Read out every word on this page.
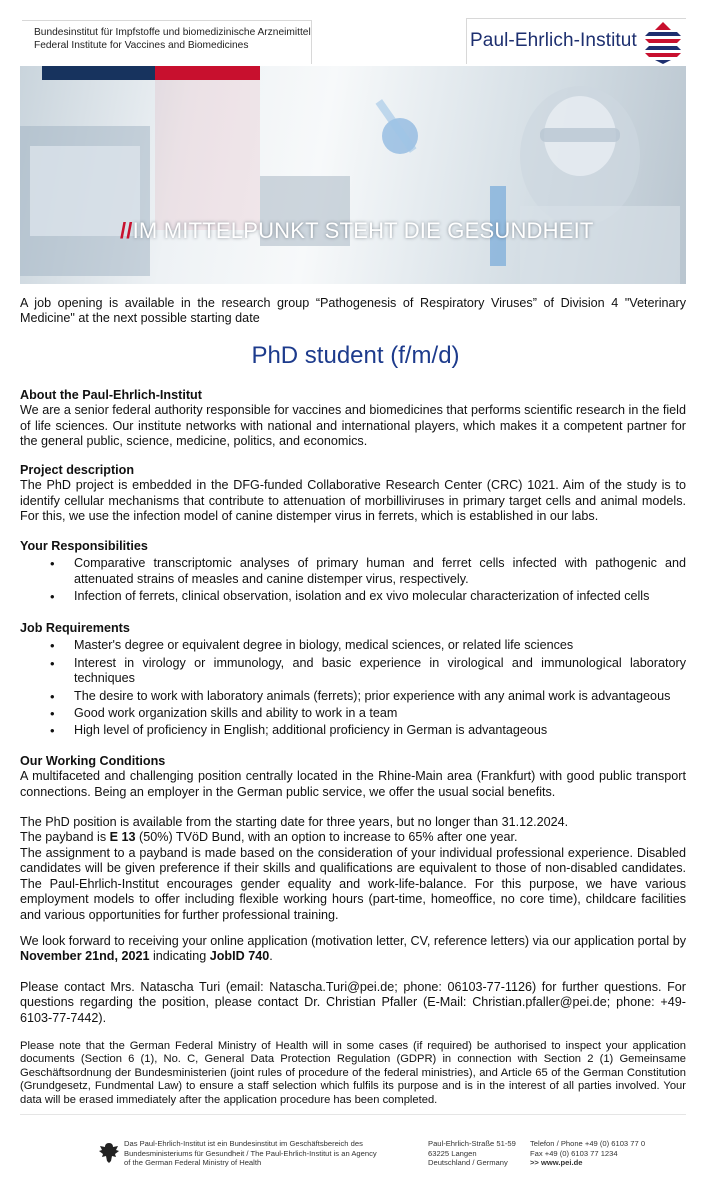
Bundesinstitut für Impfstoffe und biomedizinische Arzneimittel
Federal Institute for Vaccines and Biomedicines	Paul-Ehrlich-Institut
//IM MITTELPUNKT STEHT DIE GESUNDHEIT
A job opening is available in the research group “Pathogenesis of Respiratory Viruses” of Division 4 "Veterinary Medicine" at the next possible starting date
PhD student (f/m/d)
About the Paul-Ehrlich-Institut
We are a senior federal authority responsible for vaccines and biomedicines that performs scientific research in the field of life sciences. Our institute networks with national and international players, which makes it a competent partner for the general public, science, medicine, politics, and economics.
Project description
The PhD project is embedded in the DFG-funded Collaborative Research Center (CRC) 1021. Aim of the study is to identify cellular mechanisms that contribute to attenuation of morbilliviruses in primary target cells and animal models. For this, we use the infection model of canine distemper virus in ferrets, which is established in our labs.
Your Responsibilities
• Comparative transcriptomic analyses of primary human and ferret cells infected with pathogenic and attenuated strains of measles and canine distemper virus, respectively.
• Infection of ferrets, clinical observation, isolation and ex vivo molecular characterization of infected cells
Job Requirements
• Master's degree or equivalent degree in biology, medical sciences, or related life sciences
• Interest in virology or immunology, and basic experience in virological and immunological laboratory techniques
• The desire to work with laboratory animals (ferrets); prior experience with any animal work is advantageous
• Good work organization skills and ability to work in a team
• High level of proficiency in English; additional proficiency in German is advantageous
Our Working Conditions
A multifaceted and challenging position centrally located in the Rhine-Main area (Frankfurt) with good public transport connections. Being an employer in the German public service, we offer the usual social benefits.
The PhD position is available from the starting date for three years, but no longer than 31.12.2024.
The payband is E 13 (50%) TVöD Bund, with an option to increase to 65% after one year.
The assignment to a payband is made based on the consideration of your individual professional experience. Disabled candidates will be given preference if their skills and qualifications are equivalent to those of non-disabled candidates. The Paul-Ehrlich-Institut encourages gender equality and work-life-balance. For this purpose, we have various employment models to offer including flexible working hours (part-time, homeoffice, no core time), childcare facilities and various opportunities for further professional training.
We look forward to receiving your online application (motivation letter, CV, reference letters) via our application portal by November 21nd, 2021 indicating JobID 740.
Please contact Mrs. Natascha Turi (email: Natascha.Turi@pei.de; phone: 06103-77-1126) for further questions. For questions regarding the position, please contact Dr. Christian Pfaller (E-Mail: Christian.pfaller@pei.de; phone: +49-6103-77-7442).
Please note that the German Federal Ministry of Health will in some cases (if required) be authorised to inspect your application documents (Section 6 (1), No. C, General Data Protection Regulation (GDPR) in connection with Section 2 (1) Gemeinsame Geschäftsordnung der Bundesministerien (joint rules of procedure of the federal ministries), and Article 65 of the German Constitution (Grundgesetz, Fundmental Law) to ensure a staff selection which fulfils its purpose and is in the interest of all parties involved. Your data will be erased immediately after the application procedure has been completed.
Das Paul-Ehrlich-Institut ist ein Bundesinstitut im Geschäftsbereich des
Bundesministeriums für Gesundheit / The Paul-Ehrlich-Institut is an Agency
of the German Federal Ministry of Health
Paul-Ehrlich-Straße 51-59
63225 Langen
Deutschland / Germany
Telefon / Phone +49 (0) 6103 77 0
Fax +49 (0) 6103 77 1234
>> www.pei.de
